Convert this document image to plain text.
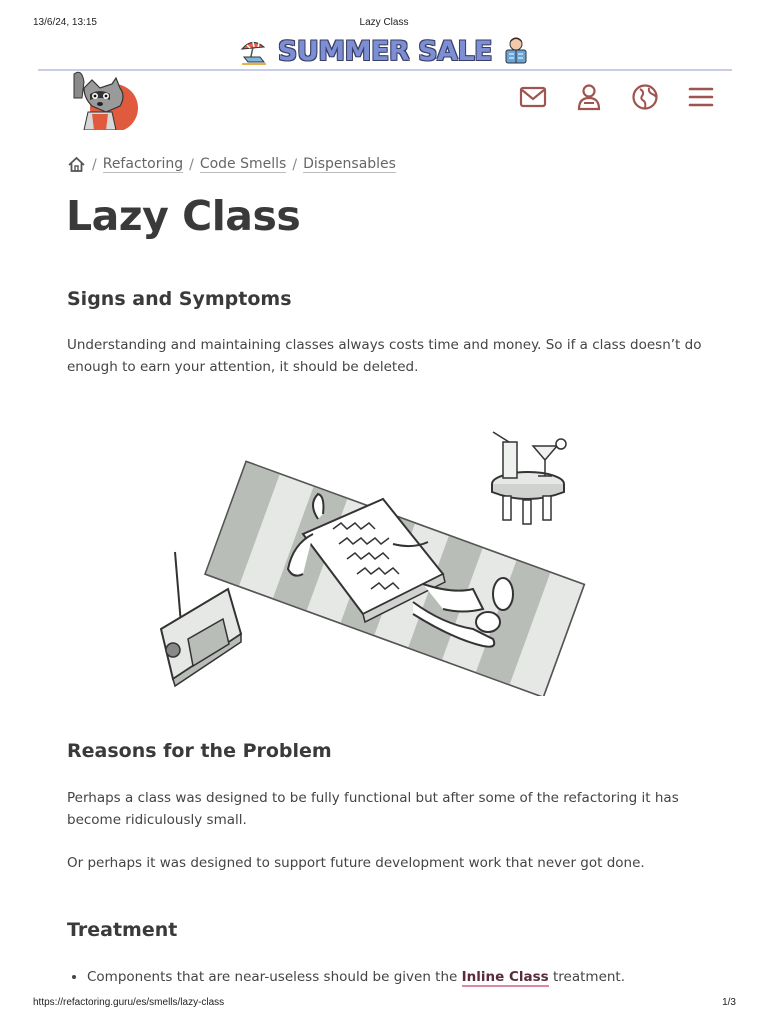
13/6/24, 13:15	Lazy Class
SUMMER SALE
/ Refactoring / Code Smells / Dispensables
Lazy Class
Signs and Symptoms

Understanding and maintaining classes always costs time and money. So if a class doesn’t do enough to earn your attention, it should be deleted.

Reasons for the Problem

Perhaps a class was designed to be fully functional but after some of the refactoring it has become ridiculously small.

Or perhaps it was designed to support future development work that never got done.

Treatment
• Components that are near-useless should be given the Inline Class treatment.
https://refactoring.guru/es/smells/lazy-class	1/3
